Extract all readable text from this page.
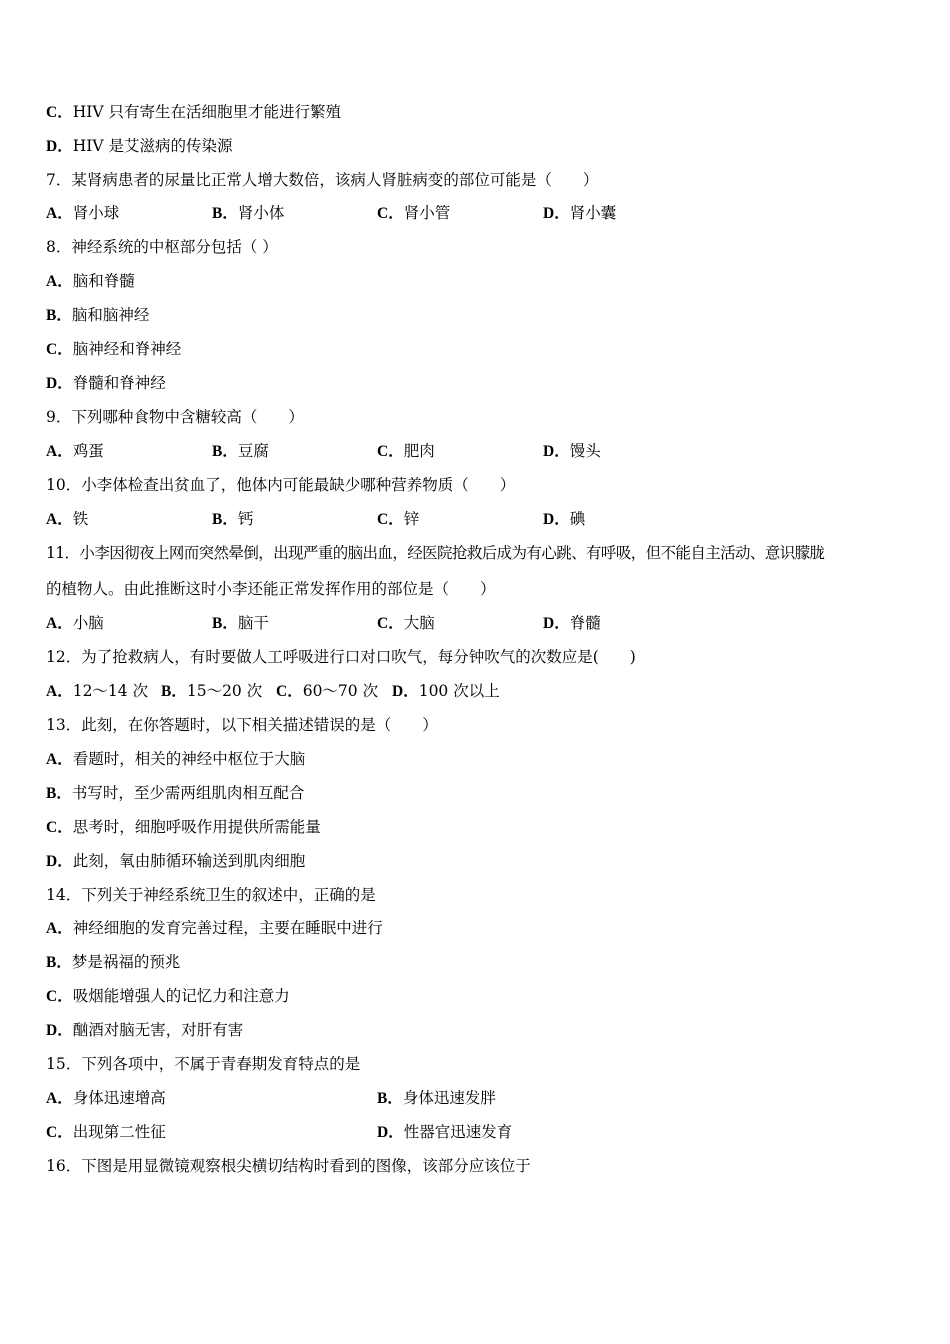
C．HIV 只有寄生在活细胞里才能进行繁殖
D．HIV 是艾滋病的传染源
7．某肾病患者的尿量比正常人增大数倍，该病人肾脏病变的部位可能是（　　）
A．肾小球	B．肾小体	C．肾小管	D．肾小囊
8．神经系统的中枢部分包括（ ）
A．脑和脊髓
B．脑和脑神经
C．脑神经和脊神经
D．脊髓和脊神经
9．下列哪种食物中含糖较高（　　）
A．鸡蛋	B．豆腐	C．肥肉	D．馒头
10．小李体检查出贫血了，他体内可能最缺少哪种营养物质（　　）
A．铁	B．钙	C．锌	D．碘
11．小李因彻夜上网而突然晕倒，出现严重的脑出血，经医院抢救后成为有心跳、有呼吸，但不能自主活动、意识朦胧
的植物人。由此推断这时小李还能正常发挥作用的部位是（　　）
A．小脑	B．脑干	C．大脑	D．脊髓
12．为了抢救病人，有时要做人工呼吸进行口对口吹气，每分钟吹气的次数应是(　　)
A．12～14 次 B．15～20 次 C．60～70 次 D．100 次以上
13．此刻，在你答题时，以下相关描述错误的是（　　）
A．看题时，相关的神经中枢位于大脑
B．书写时，至少需两组肌肉相互配合
C．思考时，细胞呼吸作用提供所需能量
D．此刻，氧由肺循环输送到肌肉细胞
14．下列关于神经系统卫生的叙述中，正确的是
A．神经细胞的发育完善过程，主要在睡眠中进行
B．梦是祸福的预兆
C．吸烟能增强人的记忆力和注意力
D．酗酒对脑无害，对肝有害
15．下列各项中，不属于青春期发育特点的是
A．身体迅速增高	B．身体迅速发胖
C．出现第二性征	D．性器官迅速发育
16．下图是用显微镜观察根尖横切结构时看到的图像，该部分应该位于
